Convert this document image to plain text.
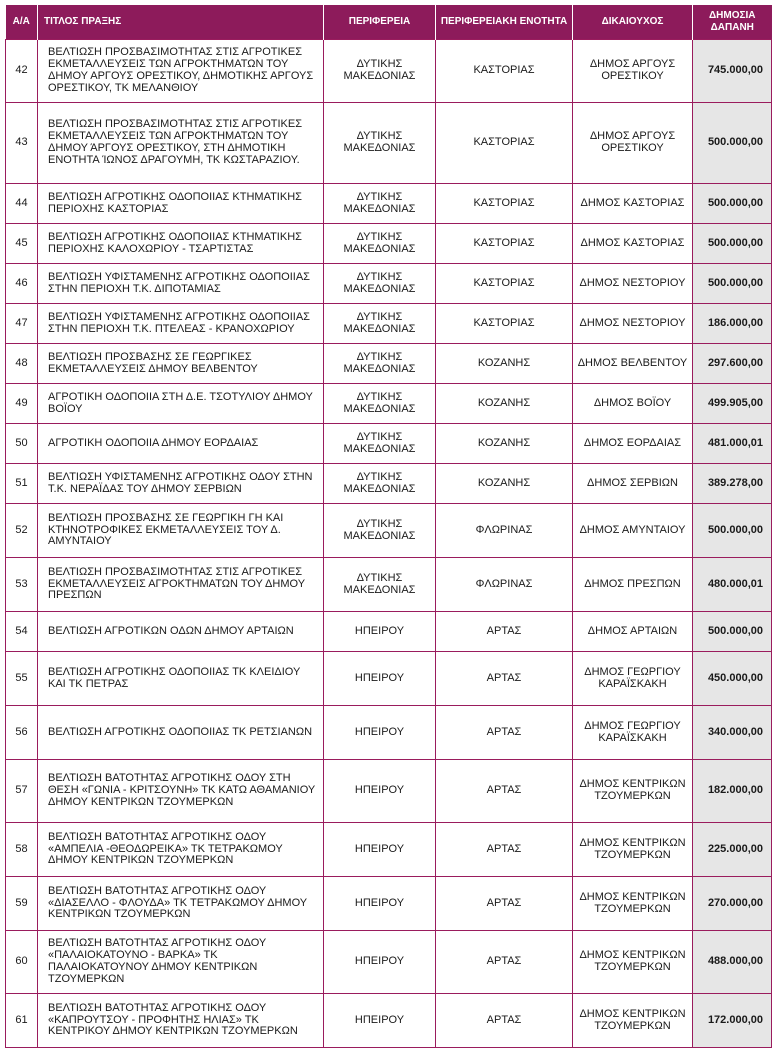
Α/Α	ΤΙΤΛΟΣ ΠΡΑΞΗΣ	ΠΕΡΙΦΕΡΕΙΑ	ΠΕΡΙΦΕΡΕΙΑΚΗ ΕΝΟΤΗΤΑ	ΔΙΚΑΙΟΥΧΟΣ	ΔΗΜΟΣΙΑ ΔΑΠΑΝΗ
42	ΒΕΛΤΙΩΣΗ ΠΡΟΣΒΑΣΙΜΟΤΗΤΑΣ ΣΤΙΣ ΑΓΡΟΤΙΚΕΣ ΕΚΜΕΤΑΛΛΕΥΣΕΙΣ ΤΩΝ ΑΓΡΟΚΤΗΜΑΤΩΝ ΤΟΥ ΔΗΜΟΥ ΑΡΓΟΥΣ ΟΡΕΣΤΙΚΟΥ, ΔΗΜΟΤΙΚΗΣ ΑΡΓΟΥΣ ΟΡΕΣΤΙΚΟΥ, ΤΚ ΜΕΛΑΝΘΙΟΥ	ΔΥΤΙΚΗΣ ΜΑΚΕΔΟΝΙΑΣ	ΚΑΣΤΟΡΙΑΣ	ΔΗΜΟΣ ΑΡΓΟΥΣ ΟΡΕΣΤΙΚΟΥ	745.000,00
43	ΒΕΛΤΙΩΣΗ ΠΡΟΣΒΑΣΙΜΟΤΗΤΑΣ ΣΤΙΣ ΑΓΡΟΤΙΚΕΣ ΕΚΜΕΤΑΛΛΕΥΣΕΙΣ ΤΩΝ ΑΓΡΟΚΤΗΜΑΤΩΝ ΤΟΥ ΔΗΜΟΥ ΆΡΓΟΥΣ ΟΡΕΣΤΙΚΟΥ, ΣΤΗ ΔΗΜΟΤΙΚΗ ΕΝΟΤΗΤΑ ΊΩΝΟΣ ΔΡΑΓΟΥΜΗ, ΤΚ ΚΩΣΤΑΡΑΖΙΟΥ.	ΔΥΤΙΚΗΣ ΜΑΚΕΔΟΝΙΑΣ	ΚΑΣΤΟΡΙΑΣ	ΔΗΜΟΣ ΑΡΓΟΥΣ ΟΡΕΣΤΙΚΟΥ	500.000,00
44	ΒΕΛΤΙΩΣΗ ΑΓΡΟΤΙΚΗΣ ΟΔΟΠΟΙΙΑΣ ΚΤΗΜΑΤΙΚΗΣ ΠΕΡΙΟΧΗΣ ΚΑΣΤΟΡΙΑΣ	ΔΥΤΙΚΗΣ ΜΑΚΕΔΟΝΙΑΣ	ΚΑΣΤΟΡΙΑΣ	ΔΗΜΟΣ ΚΑΣΤΟΡΙΑΣ	500.000,00
45	ΒΕΛΤΙΩΣΗ ΑΓΡΟΤΙΚΗΣ ΟΔΟΠΟΙΙΑΣ ΚΤΗΜΑΤΙΚΗΣ ΠΕΡΙΟΧΗΣ ΚΑΛΟΧΩΡΙΟΥ - ΤΣΑΡΤΙΣΤΑΣ	ΔΥΤΙΚΗΣ ΜΑΚΕΔΟΝΙΑΣ	ΚΑΣΤΟΡΙΑΣ	ΔΗΜΟΣ ΚΑΣΤΟΡΙΑΣ	500.000,00
46	ΒΕΛΤΙΩΣΗ ΥΦΙΣΤΑΜΕΝΗΣ ΑΓΡΟΤΙΚΗΣ ΟΔΟΠΟΙΙΑΣ ΣΤΗΝ ΠΕΡΙΟΧΗ Τ.Κ. ΔΙΠΟΤΑΜΙΑΣ	ΔΥΤΙΚΗΣ ΜΑΚΕΔΟΝΙΑΣ	ΚΑΣΤΟΡΙΑΣ	ΔΗΜΟΣ ΝΕΣΤΟΡΙΟΥ	500.000,00
47	ΒΕΛΤΙΩΣΗ ΥΦΙΣΤΑΜΕΝΗΣ ΑΓΡΟΤΙΚΗΣ ΟΔΟΠΟΙΙΑΣ ΣΤΗΝ ΠΕΡΙΟΧΗ Τ.Κ. ΠΤΕΛΕΑΣ - ΚΡΑΝΟΧΩΡΙΟΥ	ΔΥΤΙΚΗΣ ΜΑΚΕΔΟΝΙΑΣ	ΚΑΣΤΟΡΙΑΣ	ΔΗΜΟΣ ΝΕΣΤΟΡΙΟΥ	186.000,00
48	ΒΕΛΤΙΩΣΗ ΠΡΟΣΒΑΣΗΣ ΣΕ ΓΕΩΡΓΙΚΕΣ ΕΚΜΕΤΑΛΛΕΥΣΕΙΣ ΔΗΜΟΥ ΒΕΛΒΕΝΤΟΥ	ΔΥΤΙΚΗΣ ΜΑΚΕΔΟΝΙΑΣ	ΚΟΖΑΝΗΣ	ΔΗΜΟΣ ΒΕΛΒΕΝΤΟΥ	297.600,00
49	ΑΓΡΟΤΙΚΗ ΟΔΟΠΟΙΙΑ ΣΤΗ Δ.Ε. ΤΣΟΤΥΛΙΟΥ ΔΗΜΟΥ ΒΟΪΟΥ	ΔΥΤΙΚΗΣ ΜΑΚΕΔΟΝΙΑΣ	ΚΟΖΑΝΗΣ	ΔΗΜΟΣ ΒΟΪΟΥ	499.905,00
50	ΑΓΡΟΤΙΚΗ ΟΔΟΠΟΙΙΑ ΔΗΜΟΥ ΕΟΡΔΑΙΑΣ	ΔΥΤΙΚΗΣ ΜΑΚΕΔΟΝΙΑΣ	ΚΟΖΑΝΗΣ	ΔΗΜΟΣ ΕΟΡΔΑΙΑΣ	481.000,01
51	ΒΕΛΤΙΩΣΗ ΥΦΙΣΤΑΜΕΝΗΣ ΑΓΡΟΤΙΚΗΣ ΟΔΟΥ ΣΤΗΝ Τ.Κ. ΝΕΡΑΪΔΑΣ ΤΟΥ ΔΗΜΟΥ ΣΕΡΒΙΩΝ	ΔΥΤΙΚΗΣ ΜΑΚΕΔΟΝΙΑΣ	ΚΟΖΑΝΗΣ	ΔΗΜΟΣ ΣΕΡΒΙΩΝ	389.278,00
52	ΒΕΛΤΙΩΣΗ ΠΡΟΣΒΑΣΗΣ ΣΕ ΓΕΩΡΓΙΚΗ ΓΗ ΚΑΙ ΚΤΗΝΟΤΡΟΦΙΚΕΣ ΕΚΜΕΤΑΛΛΕΥΣΕΙΣ ΤΟΥ Δ. ΑΜΥΝΤΑΙΟΥ	ΔΥΤΙΚΗΣ ΜΑΚΕΔΟΝΙΑΣ	ΦΛΩΡΙΝΑΣ	ΔΗΜΟΣ ΑΜΥΝΤΑΙΟΥ	500.000,00
53	ΒΕΛΤΙΩΣΗ ΠΡΟΣΒΑΣΙΜΟΤΗΤΑΣ ΣΤΙΣ ΑΓΡΟΤΙΚΕΣ ΕΚΜΕΤΑΛΛΕΥΣΕΙΣ ΑΓΡΟΚΤΗΜΑΤΩΝ ΤΟΥ ΔΗΜΟΥ ΠΡΕΣΠΩΝ	ΔΥΤΙΚΗΣ ΜΑΚΕΔΟΝΙΑΣ	ΦΛΩΡΙΝΑΣ	ΔΗΜΟΣ ΠΡΕΣΠΩΝ	480.000,01
54	ΒΕΛΤΙΩΣΗ ΑΓΡΟΤΙΚΩΝ ΟΔΩΝ ΔΗΜΟΥ ΑΡΤΑΙΩΝ	ΗΠΕΙΡΟΥ	ΑΡΤΑΣ	ΔΗΜΟΣ ΑΡΤΑΙΩΝ	500.000,00
55	ΒΕΛΤΙΩΣΗ ΑΓΡΟΤΙΚΗΣ ΟΔΟΠΟΙΙΑΣ ΤΚ ΚΛΕΙΔΙΟΥ ΚΑΙ ΤΚ ΠΕΤΡΑΣ	ΗΠΕΙΡΟΥ	ΑΡΤΑΣ	ΔΗΜΟΣ ΓΕΩΡΓΙΟΥ ΚΑΡΑΪΣΚΑΚΗ	450.000,00
56	ΒΕΛΤΙΩΣΗ ΑΓΡΟΤΙΚΗΣ ΟΔΟΠΟΙΙΑΣ ΤΚ ΡΕΤΣΙΑΝΩΝ	ΗΠΕΙΡΟΥ	ΑΡΤΑΣ	ΔΗΜΟΣ ΓΕΩΡΓΙΟΥ ΚΑΡΑΪΣΚΑΚΗ	340.000,00
57	ΒΕΛΤΙΩΣΗ ΒΑΤΟΤΗΤΑΣ ΑΓΡΟΤΙΚΗΣ ΟΔΟΥ ΣΤΗ ΘΕΣΗ «ΓΩΝΙΑ - ΚΡΙΤΣΟΥΝΗ» ΤΚ ΚΑΤΩ ΑΘΑΜΑΝΙΟΥ ΔΗΜΟΥ ΚΕΝΤΡΙΚΩΝ ΤΖΟΥΜΕΡΚΩΝ	ΗΠΕΙΡΟΥ	ΑΡΤΑΣ	ΔΗΜΟΣ ΚΕΝΤΡΙΚΩΝ ΤΖΟΥΜΕΡΚΩΝ	182.000,00
58	ΒΕΛΤΙΩΣΗ ΒΑΤΟΤΗΤΑΣ ΑΓΡΟΤΙΚΗΣ ΟΔΟΥ «ΑΜΠΕΛΙΑ -ΘΕΟΔΩΡΕΙΚΑ» ΤΚ ΤΕΤΡΑΚΩΜΟΥ ΔΗΜΟΥ ΚΕΝΤΡΙΚΩΝ ΤΖΟΥΜΕΡΚΩΝ	ΗΠΕΙΡΟΥ	ΑΡΤΑΣ	ΔΗΜΟΣ ΚΕΝΤΡΙΚΩΝ ΤΖΟΥΜΕΡΚΩΝ	225.000,00
59	ΒΕΛΤΙΩΣΗ ΒΑΤΟΤΗΤΑΣ ΑΓΡΟΤΙΚΗΣ ΟΔΟΥ «ΔΙΑΣΕΛΛΟ - ΦΛΟΥΔΑ» ΤΚ ΤΕΤΡΑΚΩΜΟΥ ΔΗΜΟΥ ΚΕΝΤΡΙΚΩΝ ΤΖΟΥΜΕΡΚΩΝ	ΗΠΕΙΡΟΥ	ΑΡΤΑΣ	ΔΗΜΟΣ ΚΕΝΤΡΙΚΩΝ ΤΖΟΥΜΕΡΚΩΝ	270.000,00
60	ΒΕΛΤΙΩΣΗ ΒΑΤΟΤΗΤΑΣ ΑΓΡΟΤΙΚΗΣ ΟΔΟΥ «ΠΑΛΑΙΟΚΑΤΟΥΝΟ - ΒΑΡΚΑ» ΤΚ ΠΑΛΑΙΟΚΑΤΟΥΝΟΥ ΔΗΜΟΥ ΚΕΝΤΡΙΚΩΝ ΤΖΟΥΜΕΡΚΩΝ	ΗΠΕΙΡΟΥ	ΑΡΤΑΣ	ΔΗΜΟΣ ΚΕΝΤΡΙΚΩΝ ΤΖΟΥΜΕΡΚΩΝ	488.000,00
61	ΒΕΛΤΙΩΣΗ ΒΑΤΟΤΗΤΑΣ ΑΓΡΟΤΙΚΗΣ ΟΔΟΥ «ΚΑΠΡΟΥΤΣΟΥ - ΠΡΟΦΗΤΗΣ ΗΛΙΑΣ» ΤΚ ΚΕΝΤΡΙΚΟΥ ΔΗΜΟΥ ΚΕΝΤΡΙΚΩΝ ΤΖΟΥΜΕΡΚΩΝ	ΗΠΕΙΡΟΥ	ΑΡΤΑΣ	ΔΗΜΟΣ ΚΕΝΤΡΙΚΩΝ ΤΖΟΥΜΕΡΚΩΝ	172.000,00
